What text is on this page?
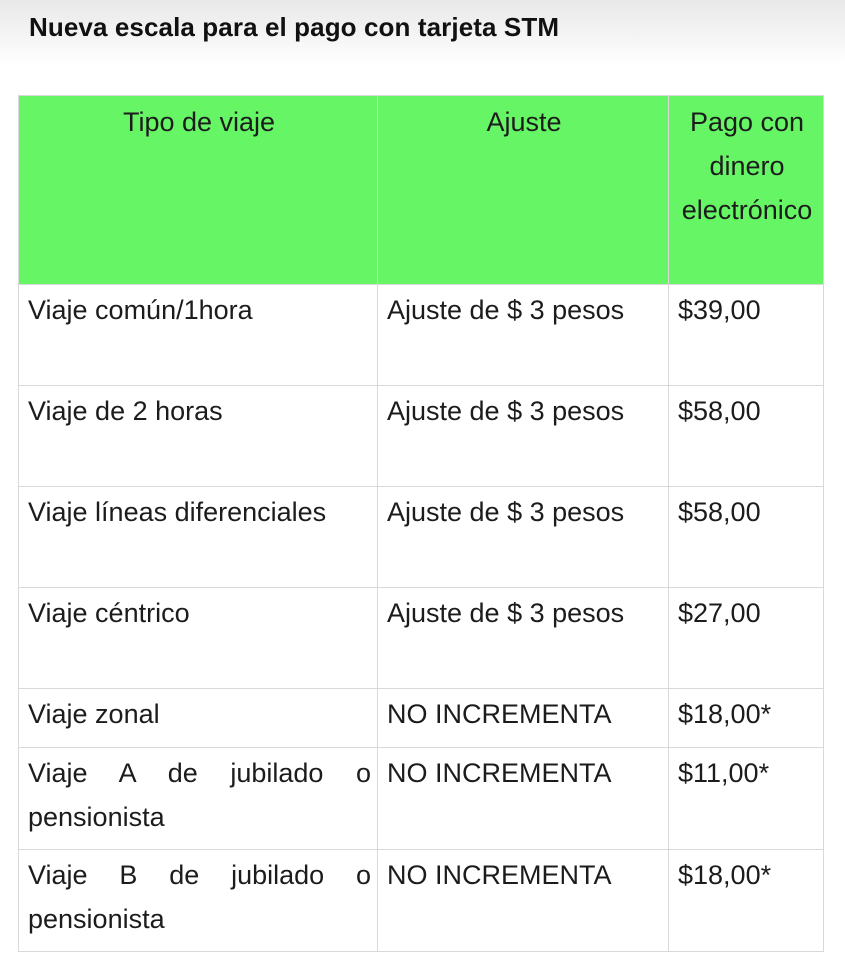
Nueva escala para el pago con tarjeta STM
Tipo de viaje	Ajuste	Pago con dinero electrónico
Viaje común/1hora	Ajuste de $ 3 pesos	$39,00
Viaje de 2 horas	Ajuste de $ 3 pesos	$58,00
Viaje líneas diferenciales	Ajuste de $ 3 pesos	$58,00
Viaje céntrico	Ajuste de $ 3 pesos	$27,00
Viaje zonal	NO INCREMENTA	$18,00*
Viaje A de jubilado o pensionista	NO INCREMENTA	$11,00*
Viaje B de jubilado o pensionista	NO INCREMENTA	$18,00*
